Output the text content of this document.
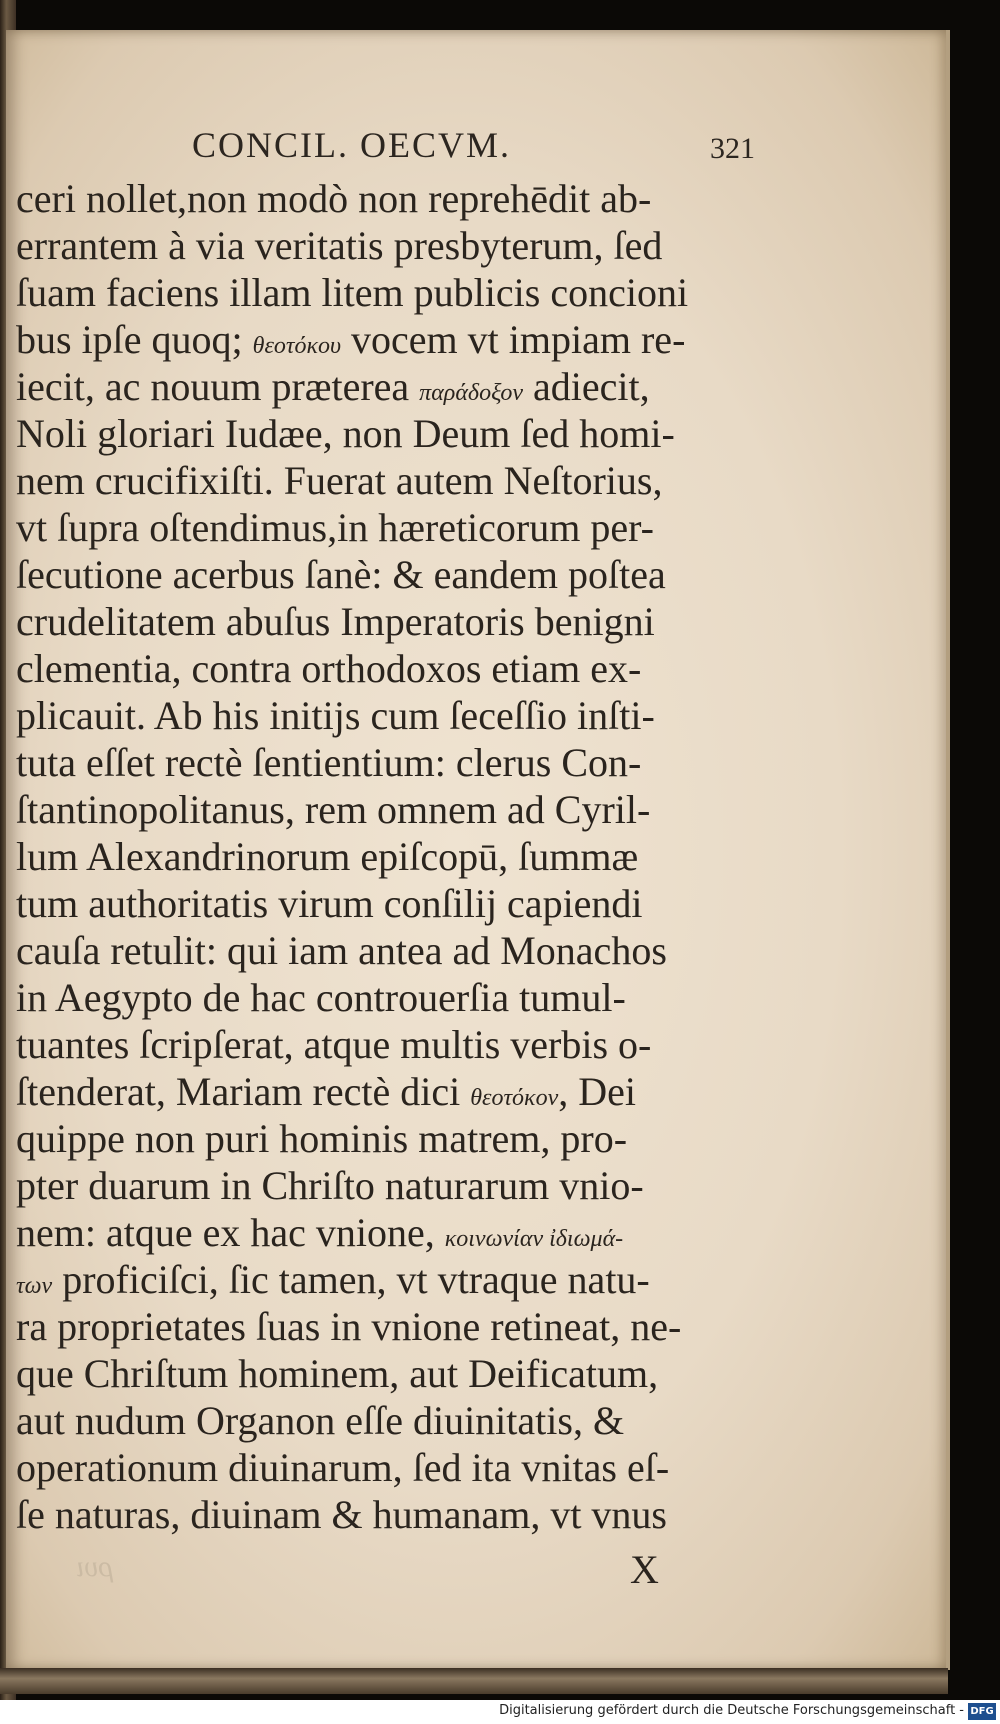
CONCIL. OECVM.	321
ceri nollet,non modò non reprehēdit ab-
errantem à via veritatis presbyterum, ſed
ſuam faciens illam litem publicis concioni
bus ipſe quoq; θεοτόκου vocem vt impiam re-
iecit, ac nouum præterea παράδοξον adiecit,
Noli gloriari Iudæe, non Deum ſed homi-
nem crucifixiſti. Fuerat autem Neſtorius,
vt ſupra oſtendimus,in hæreticorum per-
ſecutione acerbus ſanè: & eandem poſtea
crudelitatem abuſus Imperatoris benigni
clementia, contra orthodoxos etiam ex-
plicauit. Ab his initijs cum ſeceſſio inſti-
tuta eſſet rectè ſentientium: clerus Con-
ſtantinopolitanus, rem omnem ad Cyril-
lum Alexandrinorum epiſcopū, ſummæ
tum authoritatis virum conſilij capiendi
cauſa retulit: qui iam antea ad Monachos
in Aegypto de hac controuerſia tumul-
tuantes ſcripſerat, atque multis verbis o-
ſtenderat, Mariam rectè dici θεοτόκον, Dei
quippe non puri hominis matrem, pro-
pter duarum in Chriſto naturarum vnio-
nem: atque ex hac vnione, κοινωνίαν ἰδιωμά-
των proficiſci, ſic tamen, vt vtraque natu-
ra proprietates ſuas in vnione retineat, ne-
que Chriſtum hominem, aut Deificatum,
aut nudum Organon eſſe diuinitatis, &
operationum diuinarum, ſed ita vnitas eſ-
ſe naturas, diuinam & humanam, vt vnus
ρυι	X
Digitalisierung gefördert durch die Deutsche Forschungsgemeinschaft - DFG
